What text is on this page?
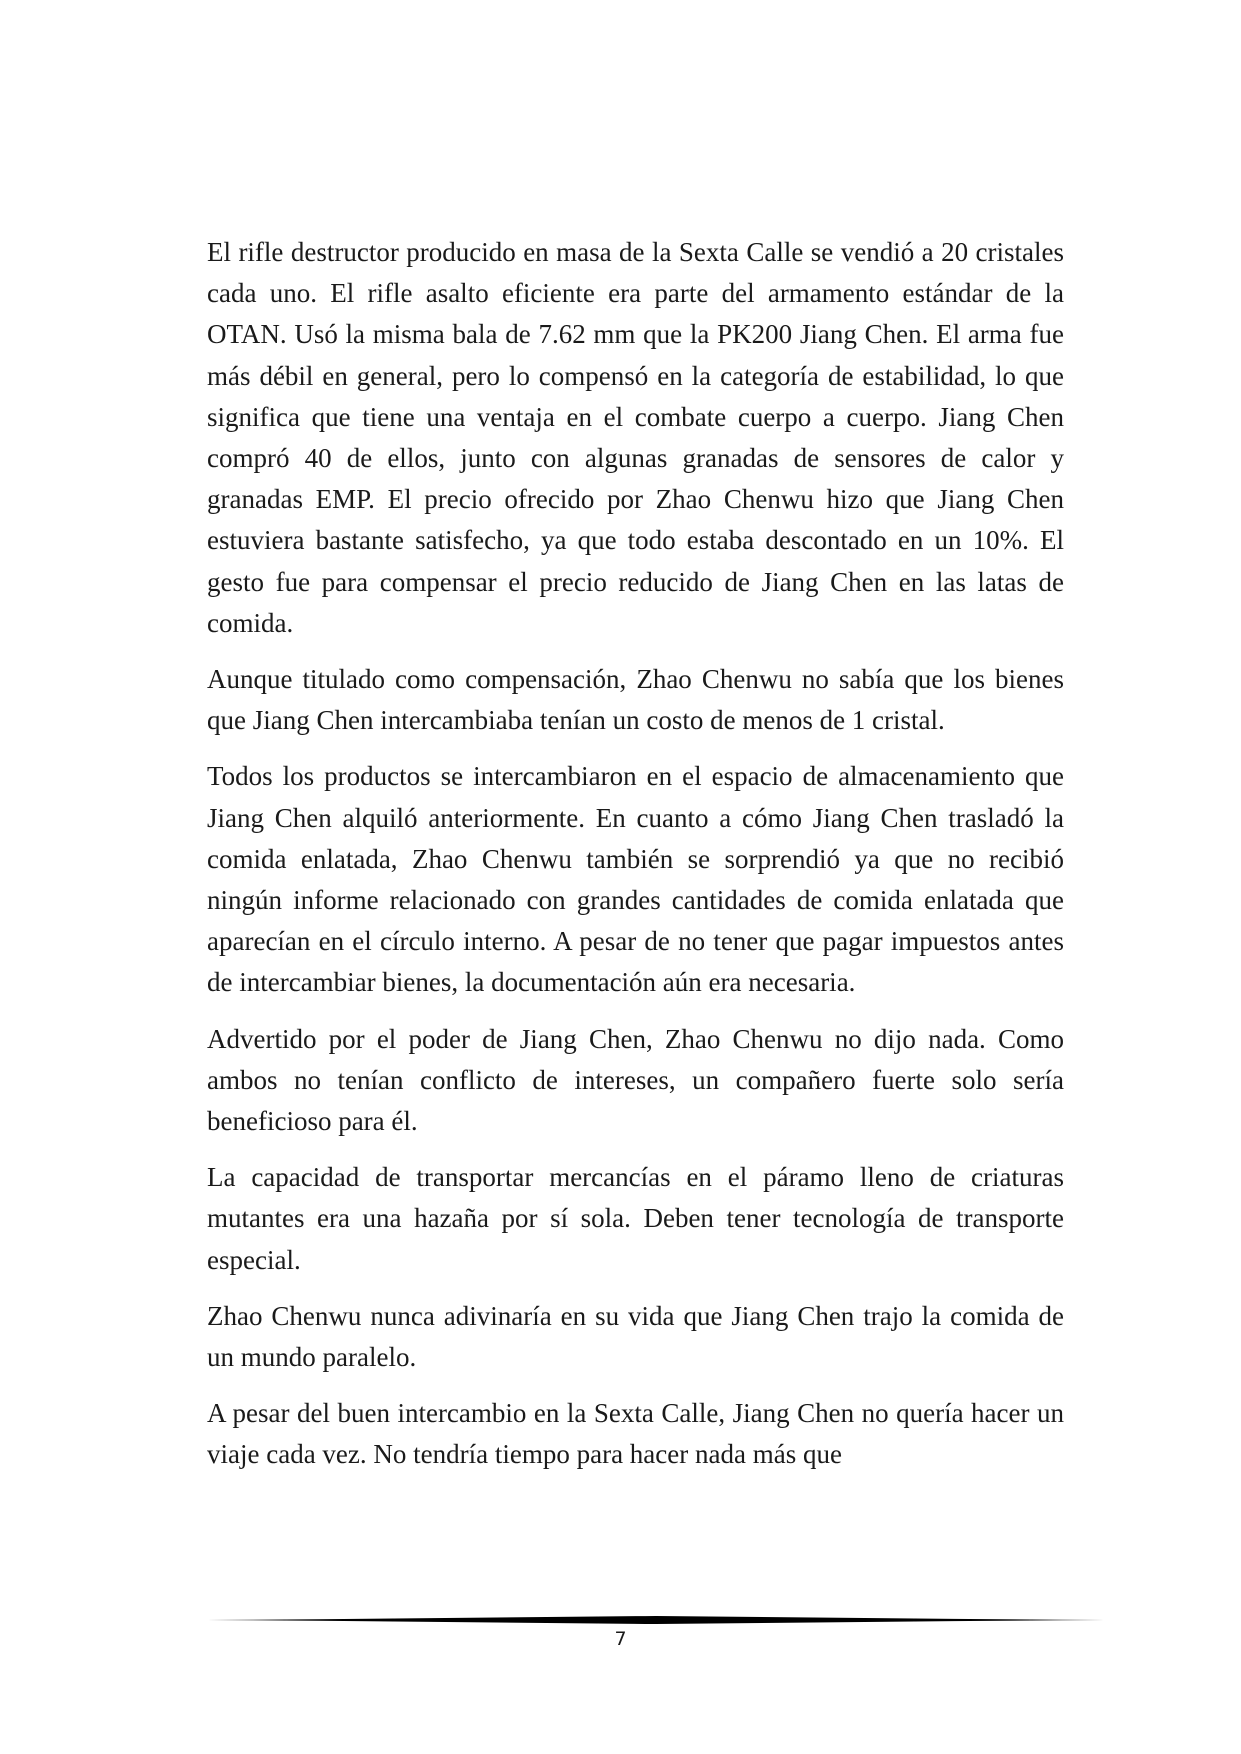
El rifle destructor producido en masa de la Sexta Calle se vendió a 20 cristales cada uno. El rifle asalto eficiente era parte del armamento estándar de la OTAN. Usó la misma bala de 7.62 mm que la PK200 Jiang Chen. El arma fue más débil en general, pero lo compensó en la categoría de estabilidad, lo que significa que tiene una ventaja en el combate cuerpo a cuerpo. Jiang Chen compró 40 de ellos, junto con algunas granadas de sensores de calor y granadas EMP. El precio ofrecido por Zhao Chenwu hizo que Jiang Chen estuviera bastante satisfecho, ya que todo estaba descontado en un 10%. El gesto fue para compensar el precio reducido de Jiang Chen en las latas de comida.

Aunque titulado como compensación, Zhao Chenwu no sabía que los bienes que Jiang Chen intercambiaba tenían un costo de menos de 1 cristal.

Todos los productos se intercambiaron en el espacio de almacenamiento que Jiang Chen alquiló anteriormente. En cuanto a cómo Jiang Chen trasladó la comida enlatada, Zhao Chenwu también se sorprendió ya que no recibió ningún informe relacionado con grandes cantidades de comida enlatada que aparecían en el círculo interno. A pesar de no tener que pagar impuestos antes de intercambiar bienes, la documentación aún era necesaria.

Advertido por el poder de Jiang Chen, Zhao Chenwu no dijo nada. Como ambos no tenían conflicto de intereses, un compañero fuerte solo sería beneficioso para él.

La capacidad de transportar mercancías en el páramo lleno de criaturas mutantes era una hazaña por sí sola. Deben tener tecnología de transporte especial.

Zhao Chenwu nunca adivinaría en su vida que Jiang Chen trajo la comida de un mundo paralelo.

A pesar del buen intercambio en la Sexta Calle, Jiang Chen no quería hacer un viaje cada vez. No tendría tiempo para hacer nada más que

7
